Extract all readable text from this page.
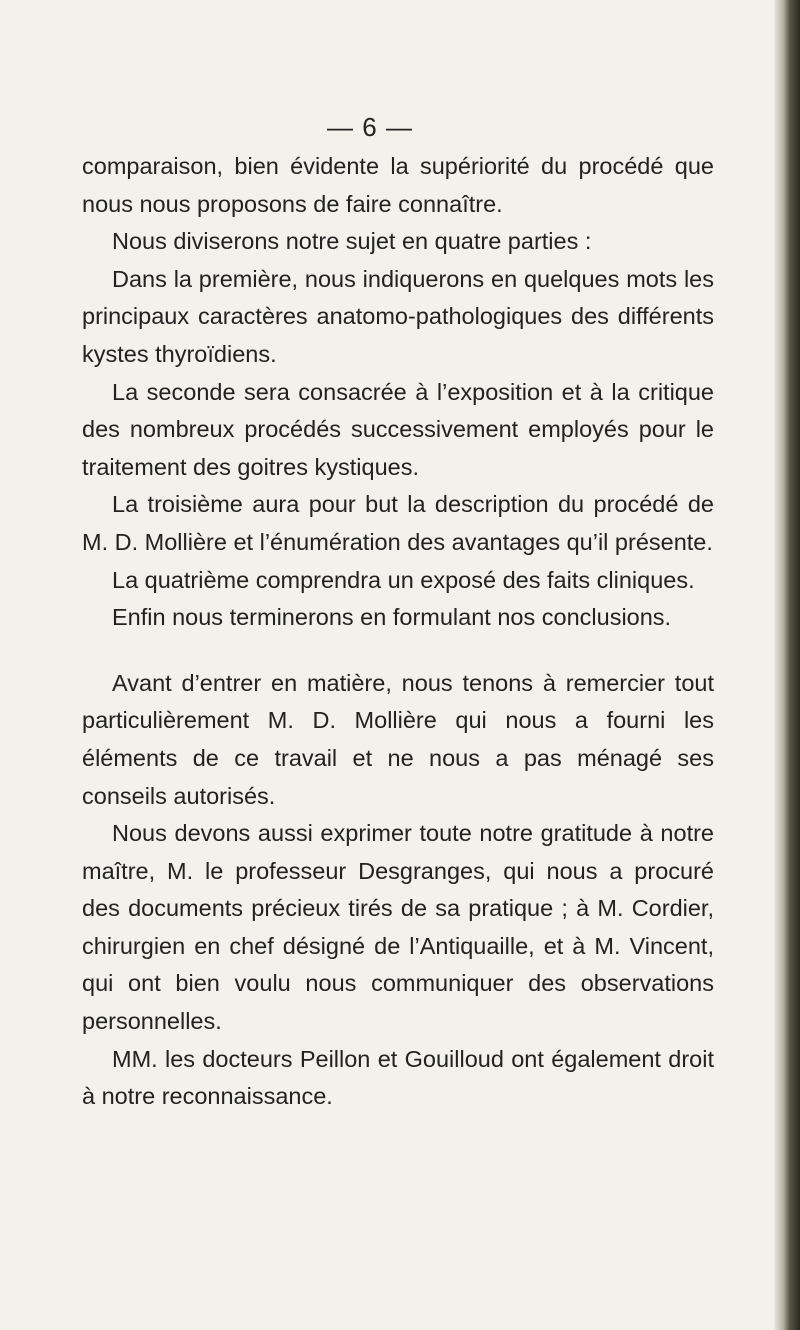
— 6 —

comparaison, bien évidente la supériorité du procédé que nous nous proposons de faire connaître.

Nous diviserons notre sujet en quatre parties :

Dans la première, nous indiquerons en quelques mots les principaux caractères anatomo-pathologiques des différents kystes thyroïdiens.

La seconde sera consacrée à l’exposition et à la critique des nombreux procédés successivement employés pour le traitement des goitres kystiques.

La troisième aura pour but la description du procédé de M. D. Mollière et l’énumération des avantages qu’il présente.

La quatrième comprendra un exposé des faits cliniques.

Enfin nous terminerons en formulant nos conclusions.

Avant d’entrer en matière, nous tenons à remercier tout particulièrement M. D. Mollière qui nous a fourni les éléments de ce travail et ne nous a pas ménagé ses conseils autorisés.

Nous devons aussi exprimer toute notre gratitude à notre maître, M. le professeur Desgranges, qui nous a procuré des documents précieux tirés de sa pratique ; à M. Cordier, chirurgien en chef désigné de l’Antiquaille, et à M. Vincent, qui ont bien voulu nous communiquer des observations personnelles.

MM. les docteurs Peillon et Gouilloud ont également droit à notre reconnaissance.
